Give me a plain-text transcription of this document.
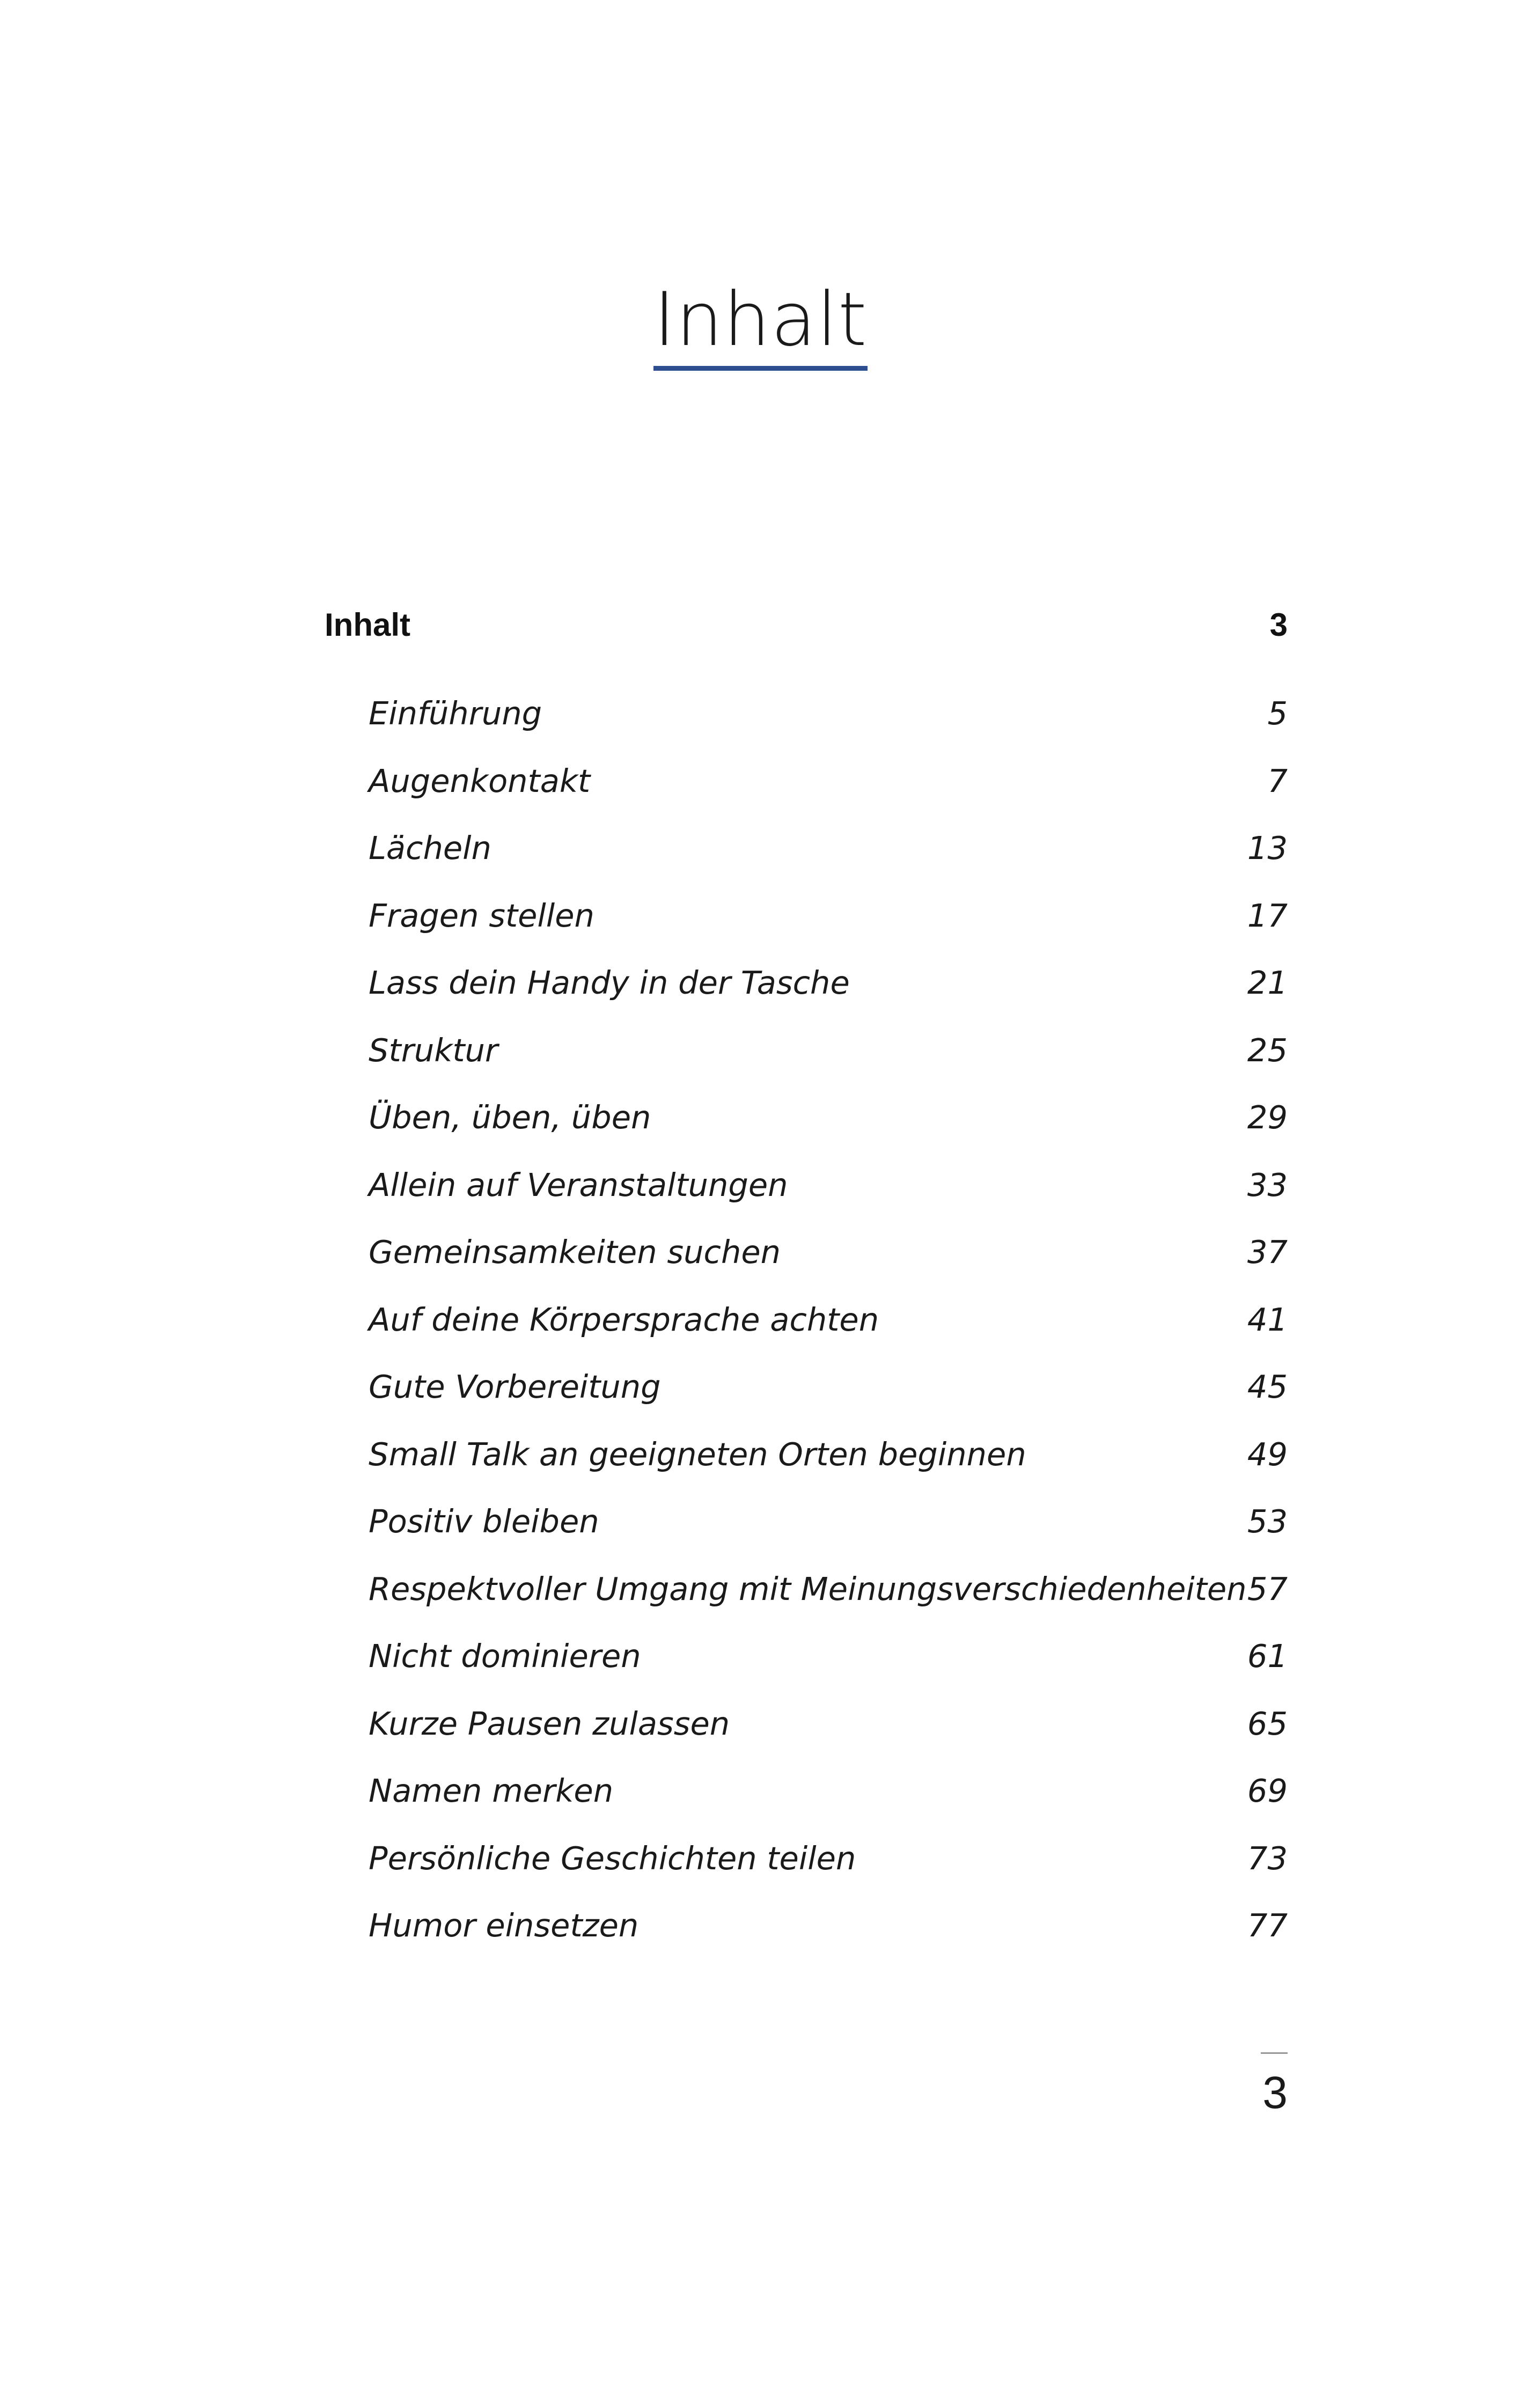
Inhalt
Inhalt	3
Einführung	5
Augenkontakt	7
Lächeln	13
Fragen stellen	17
Lass dein Handy in der Tasche	21
Struktur	25
Üben, üben, üben	29
Allein auf Veranstaltungen	33
Gemeinsamkeiten suchen	37
Auf deine Körpersprache achten	41
Gute Vorbereitung	45
Small Talk an geeigneten Orten beginnen	49
Positiv bleiben	53
Respektvoller Umgang mit Meinungsverschiedenheiten 57
Nicht dominieren	61
Kurze Pausen zulassen	65
Namen merken	69
Persönliche Geschichten teilen	73
Humor einsetzen	77
3
